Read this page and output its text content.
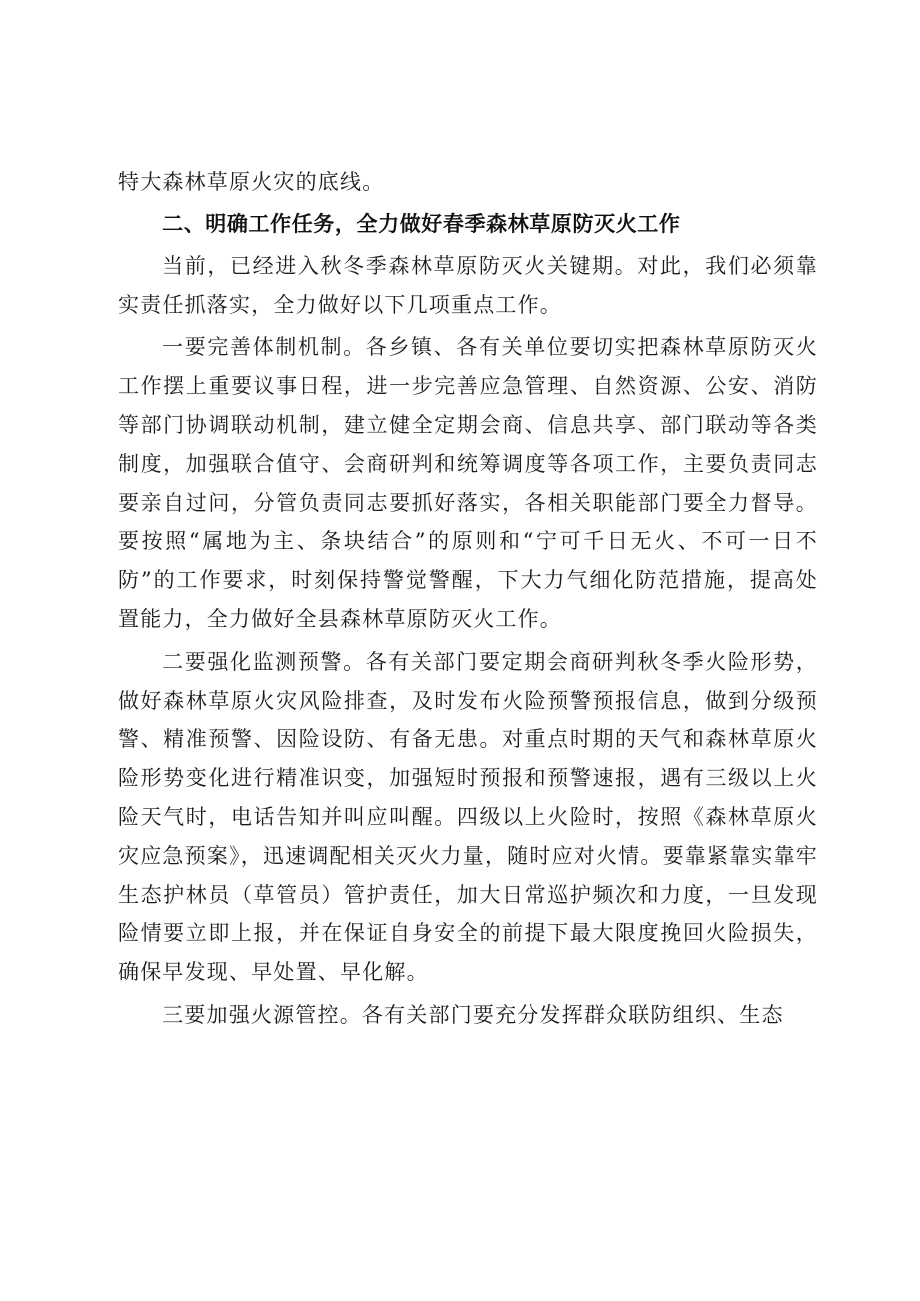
特大森林草原火灾的底线。

二、明确工作任务，全力做好春季森林草原防灭火工作

当前，已经进入秋冬季森林草原防灭火关键期。对此，我们必须靠实责任抓落实，全力做好以下几项重点工作。

一要完善体制机制。各乡镇、各有关单位要切实把森林草原防灭火工作摆上重要议事日程，进一步完善应急管理、自然资源、公安、消防等部门协调联动机制，建立健全定期会商、信息共享、部门联动等各类制度，加强联合值守、会商研判和统筹调度等各项工作，主要负责同志要亲自过问，分管负责同志要抓好落实，各相关职能部门要全力督导。要按照“属地为主、条块结合”的原则和“宁可千日无火、不可一日不防”的工作要求，时刻保持警觉警醒，下大力气细化防范措施，提高处置能力，全力做好全县森林草原防灭火工作。

二要强化监测预警。各有关部门要定期会商研判秋冬季火险形势，做好森林草原火灾风险排查，及时发布火险预警预报信息，做到分级预警、精准预警、因险设防、有备无患。对重点时期的天气和森林草原火险形势变化进行精准识变，加强短时预报和预警速报，遇有三级以上火险天气时，电话告知并叫应叫醒。四级以上火险时，按照《森林草原火灾应急预案》，迅速调配相关灭火力量，随时应对火情。要靠紧靠实靠牢生态护林员（草管员）管护责任，加大日常巡护频次和力度，一旦发现险情要立即上报，并在保证自身安全的前提下最大限度挽回火险损失，确保早发现、早处置、早化解。

三要加强火源管控。各有关部门要充分发挥群众联防组织、生态
